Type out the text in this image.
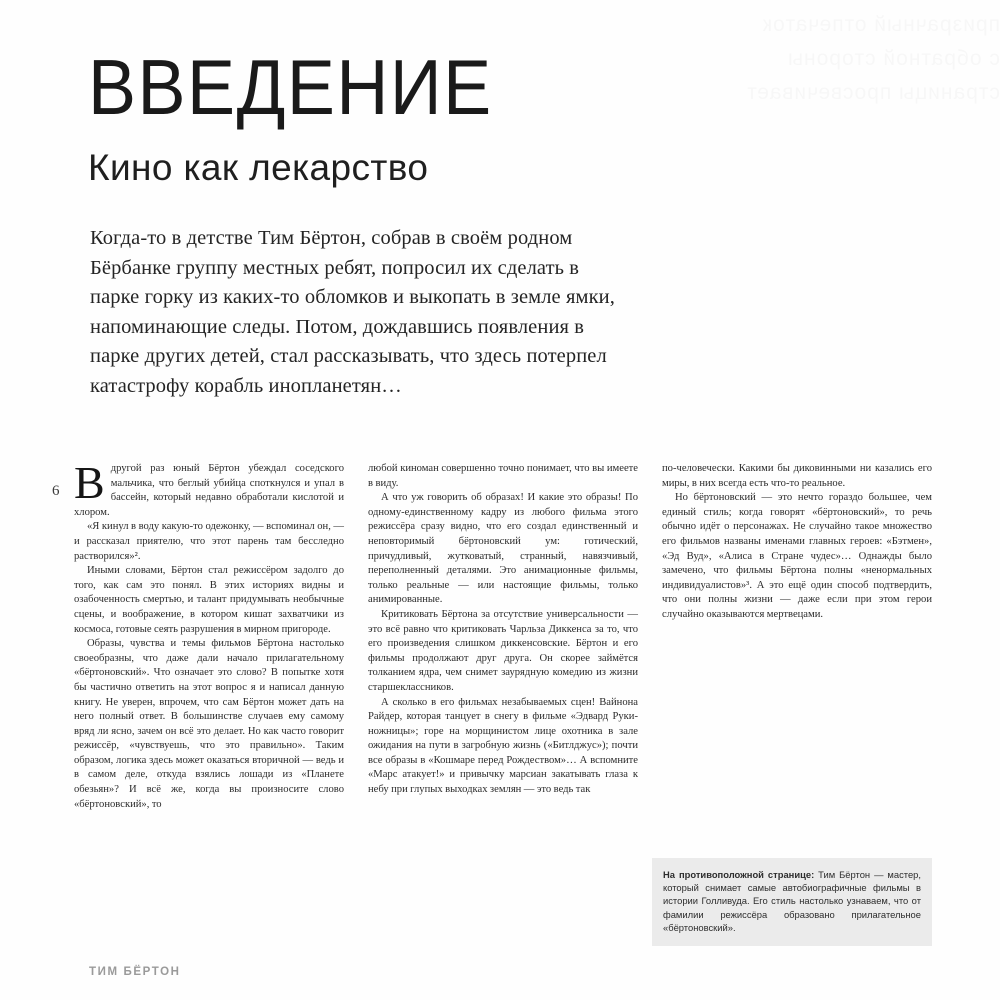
ВВЕДЕНИЕ
Кино как лекарство
Когда-то в детстве Тим Бёртон, собрав в своём родном Бёрбанке группу местных ребят, попросил их сделать в парке горку из каких-то обломков и выкопать в земле ямки, напоминающие следы. Потом, дождавшись появления в парке других детей, стал рассказывать, что здесь потерпел катастрофу корабль инопланетян…
6 Вдругой раз юный Бёртон убеждал соседского мальчика, что беглый убийца споткнулся и упал в бассейн, который недавно обработали кислотой и хлором.

«Я кинул в воду какую-то одежонку, — вспоминал он, — и рассказал приятелю, что этот парень там бесследно растворился»².

Иными словами, Бёртон стал режиссёром задолго до того, как сам это понял. В этих историях видны и озабоченность смертью, и талант придумывать необычные сцены, и воображение, в котором кишат захватчики из космоса, готовые сеять разрушения в мирном пригороде.

Образы, чувства и темы фильмов Бёртона настолько своеобразны, что даже дали начало прилагательному «бёртоновский». Что означает это слово? В попытке хотя бы частично ответить на этот вопрос я и написал данную книгу. Не уверен, впрочем, что сам Бёртон может дать на него полный ответ. В большинстве случаев ему самому вряд ли ясно, зачем он всё это делает. Но как часто говорит режиссёр, «чувствуешь, что это правильно». Таким образом, логика здесь может оказаться вторичной — ведь и в самом деле, откуда взялись лошади из «Планете обезьян»? И всё же, когда вы произносите слово «бёртоновский», то

любой киноман совершенно точно понимает, что вы имеете в виду.

А что уж говорить об образах! И какие это образы! По одному-единственному кадру из любого фильма этого режиссёра сразу видно, что его создал единственный и неповторимый бёртоновский ум: готический, причудливый, жутковатый, странный, навязчивый, переполненный деталями. Это анимационные фильмы, только реальные — или настоящие фильмы, только анимированные.

Критиковать Бёртона за отсутствие универсальности — это всё равно что критиковать Чарльза Диккенса за то, что его произведения слишком диккенсовские. Бёртон и его фильмы продолжают друг друга. Он скорее займётся толканием ядра, чем снимет заурядную комедию из жизни старшеклассников.

А сколько в его фильмах незабываемых сцен! Вайнона Райдер, которая танцует в снегу в фильме «Эдвард Руки-ножницы»; горе на морщинистом лице охотника в зале ожидания на пути в загробную жизнь («Битлджус»); почти все образы в «Кошмаре перед Рождеством»… А вспомните «Марс атакует!» и привычку марсиан закатывать глаза к небу при глупых выходках землян — это ведь так

по-человечески. Какими бы диковинными ни казались его миры, в них всегда есть что-то реальное.

Но бёртоновский — это нечто гораздо большее, чем единый стиль; когда говорят «бёртоновский», то речь обычно идёт о персонажах. Не случайно такое множество его фильмов названы именами главных героев: «Бэтмен», «Эд Вуд», «Алиса в Стране чудес»… Однажды было замечено, что фильмы Бёртона полны «ненормальных индивидуалистов»³. А это ещё один способ подтвердить, что они полны жизни — даже если при этом герои случайно оказываются мертвецами.

На противоположной странице: Тим Бёртон — мастер, который снимает самые автобиографичные фильмы в истории Голливуда. Его стиль настолько узнаваем, что от фамилии режиссёра образовано прилагательное «бёртоновский».

ТИМ БЁРТОН
